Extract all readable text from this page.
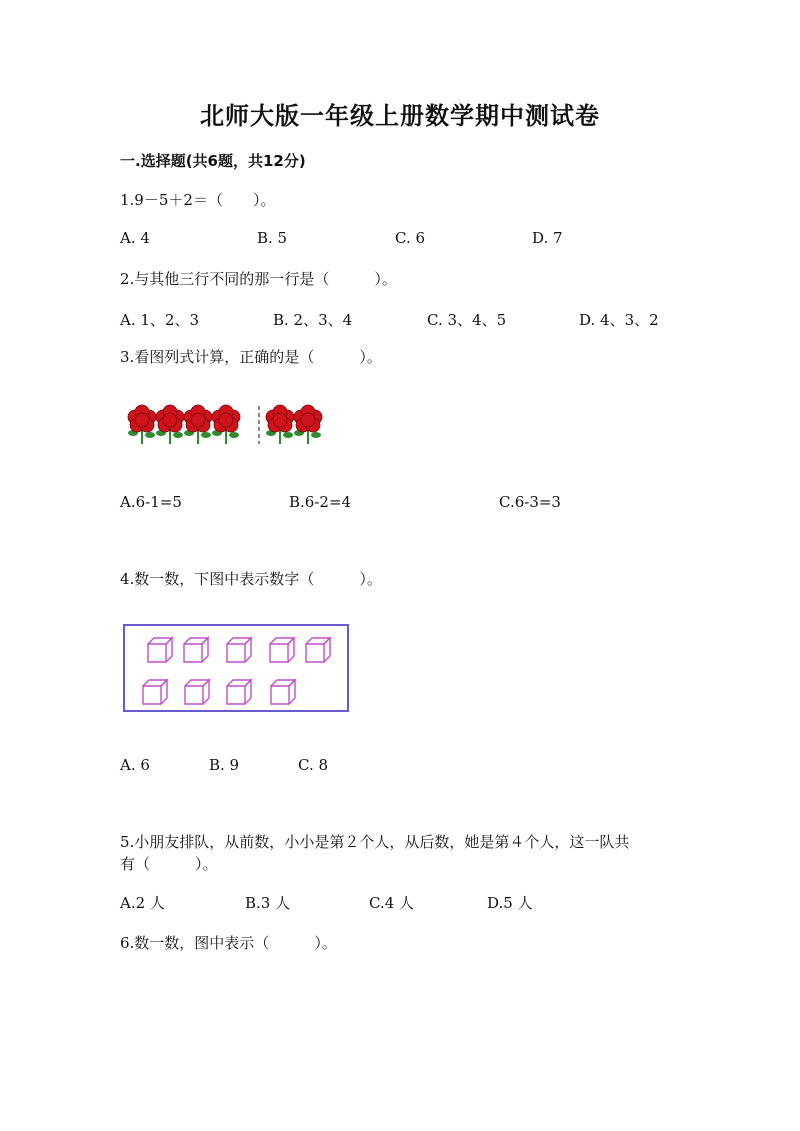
北师大版一年级上册数学期中测试卷
一.选择题(共6题，共12分)
1.9－5＋2＝（　　）。
A. 4	B. 5	C. 6	D. 7
2.与其他三行不同的那一行是（　　　）。
A. 1、2、3	B. 2、3、4	C. 3、4、5	D. 4、3、2
3.看图列式计算，正确的是（　　　）。
A.6-1=5	B.6-2=4	C.6-3=3
4.数一数，下图中表示数字（　　　）。
A. 6	B. 9	C. 8
5.小朋友排队，从前数，小小是第２个人，从后数，她是第４个人，这一队共
有（　　　）。
A.2 人	B.3 人	C.4 人	D.5 人
6.数一数，图中表示（　　　）。
